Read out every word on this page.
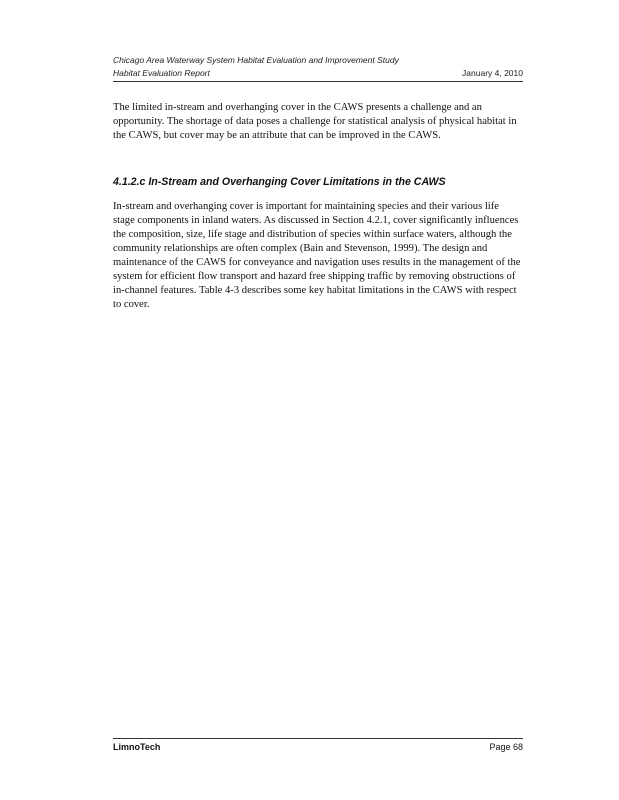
Chicago Area Waterway System Habitat Evaluation and Improvement Study
Habitat Evaluation Report	January 4, 2010

The limited in-stream and overhanging cover in the CAWS presents a challenge and an opportunity. The shortage of data poses a challenge for statistical analysis of physical habitat in the CAWS, but cover may be an attribute that can be improved in the CAWS.

4.1.2.c In-Stream and Overhanging Cover Limitations in the CAWS

In-stream and overhanging cover is important for maintaining species and their various life stage components in inland waters. As discussed in Section 4.2.1, cover significantly influences the composition, size, life stage and distribution of species within surface waters, although the community relationships are often complex (Bain and Stevenson, 1999). The design and maintenance of the CAWS for conveyance and navigation uses results in the management of the system for efficient flow transport and hazard free shipping traffic by removing obstructions of in-channel features. Table 4-3 describes some key habitat limitations in the CAWS with respect to cover.

LimnoTech	Page 68
